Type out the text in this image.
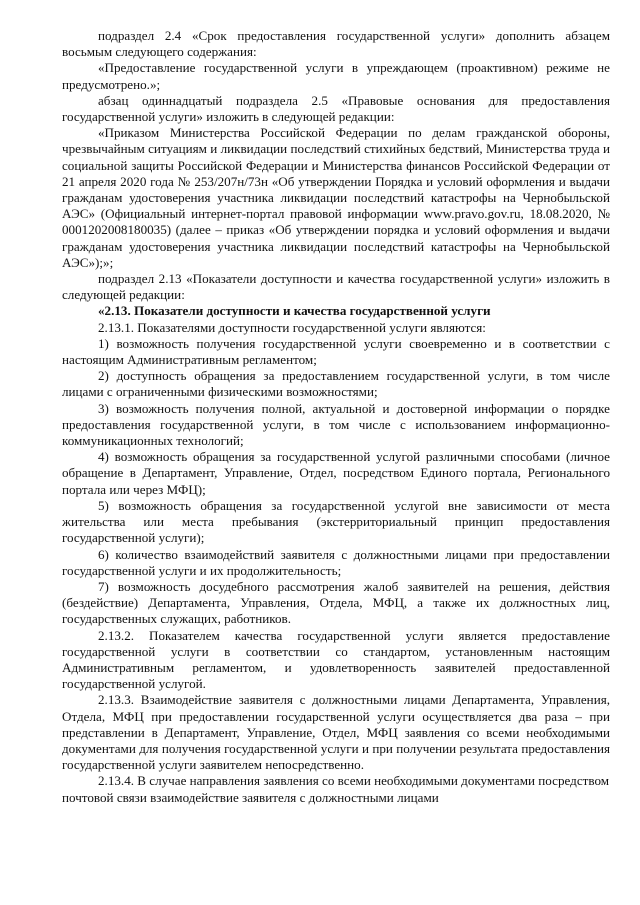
подраздел 2.4 «Срок предоставления государственной услуги» дополнить абзацем восьмым следующего содержания:

«Предоставление государственной услуги в упреждающем (проактивном) режиме не предусмотрено.»;

абзац одиннадцатый подраздела 2.5 «Правовые основания для предоставления государственной услуги» изложить в следующей редакции:

«Приказом Министерства Российской Федерации по делам гражданской обороны, чрезвычайным ситуациям и ликвидации последствий стихийных бедствий, Министерства труда и социальной защиты Российской Федерации и Министерства финансов Российской Федерации от 21 апреля 2020 года № 253/207н/73н «Об утверждении Порядка и условий оформления и выдачи гражданам удостоверения участника ликвидации последствий катастрофы на Чернобыльской АЭС» (Официальный интернет-портал правовой информации www.pravo.gov.ru, 18.08.2020, № 0001202008180035) (далее – приказ «Об утверждении порядка и условий оформления и выдачи гражданам удостоверения участника ликвидации последствий катастрофы на Чернобыльской АЭС»);»;

подраздел 2.13 «Показатели доступности и качества государственной услуги» изложить в следующей редакции:

«2.13. Показатели доступности и качества государственной услуги

2.13.1. Показателями доступности государственной услуги являются:

1) возможность получения государственной услуги своевременно и в соответствии с настоящим Административным регламентом;

2) доступность обращения за предоставлением государственной услуги, в том числе лицами с ограниченными физическими возможностями;

3) возможность получения полной, актуальной и достоверной информации о порядке предоставления государственной услуги, в том числе с использованием информационно-коммуникационных технологий;

4) возможность обращения за государственной услугой различными способами (личное обращение в Департамент, Управление, Отдел, посредством Единого портала, Регионального портала или через МФЦ);

5) возможность обращения за государственной услугой вне зависимости от места жительства или места пребывания (экстерриториальный принцип предоставления государственной услуги);

6) количество взаимодействий заявителя с должностными лицами при предоставлении государственной услуги и их продолжительность;

7) возможность досудебного рассмотрения жалоб заявителей на решения, действия (бездействие) Департамента, Управления, Отдела, МФЦ, а также их должностных лиц, государственных служащих, работников.

2.13.2. Показателем качества государственной услуги является предоставление государственной услуги в соответствии со стандартом, установленным настоящим Административным регламентом, и удовлетворенность заявителей предоставленной государственной услугой.

2.13.3. Взаимодействие заявителя с должностными лицами Департамента, Управления, Отдела, МФЦ при предоставлении государственной услуги осуществляется два раза – при представлении в Департамент, Управление, Отдел, МФЦ заявления со всеми необходимыми документами для получения государственной услуги и при получении результата предоставления государственной услуги заявителем непосредственно.

2.13.4. В случае направления заявления со всеми необходимыми документами посредством почтовой связи взаимодействие заявителя с должностными лицами
